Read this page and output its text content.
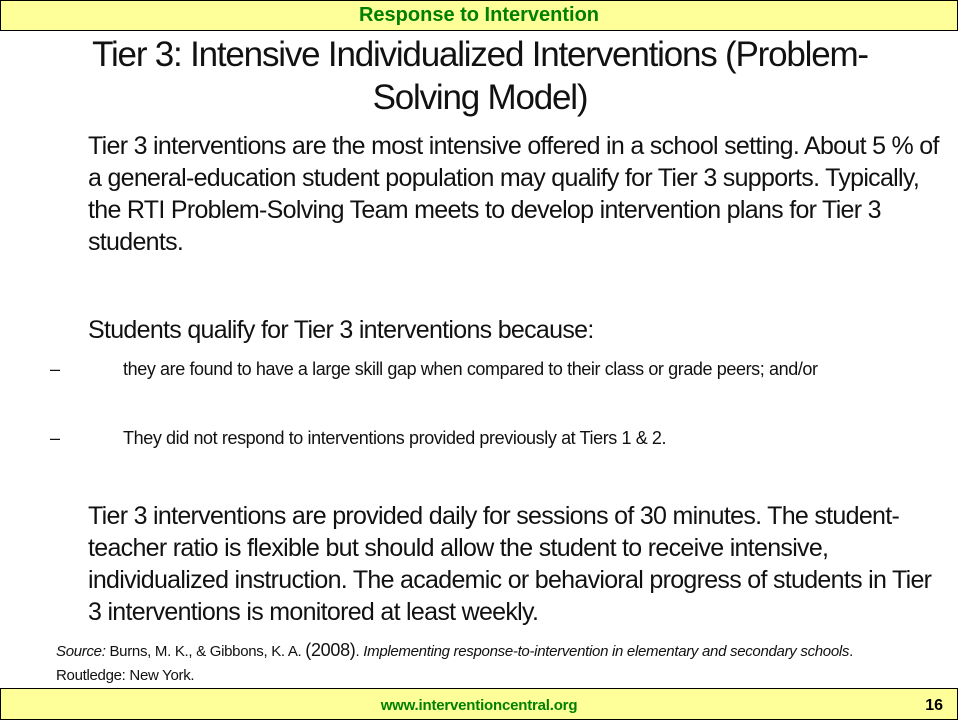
Response to Intervention
Tier 3: Intensive Individualized Interventions (Problem-Solving Model)
Tier 3 interventions are the most intensive offered in a school setting. About 5 % of a general-education student population may qualify for Tier 3 supports. Typically, the RTI Problem-Solving Team meets to develop intervention plans for Tier 3 students.
Students qualify for Tier 3 interventions because:
–	they are found to have a large skill gap when compared to their class or grade peers; and/or
–	They did not respond to interventions provided previously at Tiers 1 & 2.
Tier 3 interventions are provided daily for sessions of 30 minutes. The student-teacher ratio is flexible but should allow the student to receive intensive, individualized instruction. The academic or behavioral progress of students in Tier 3 interventions is monitored at least weekly.
Source: Burns, M. K., & Gibbons, K. A. (2008). Implementing response-to-intervention in elementary and secondary schools. Routledge: New York.
www.interventioncentral.org	16
